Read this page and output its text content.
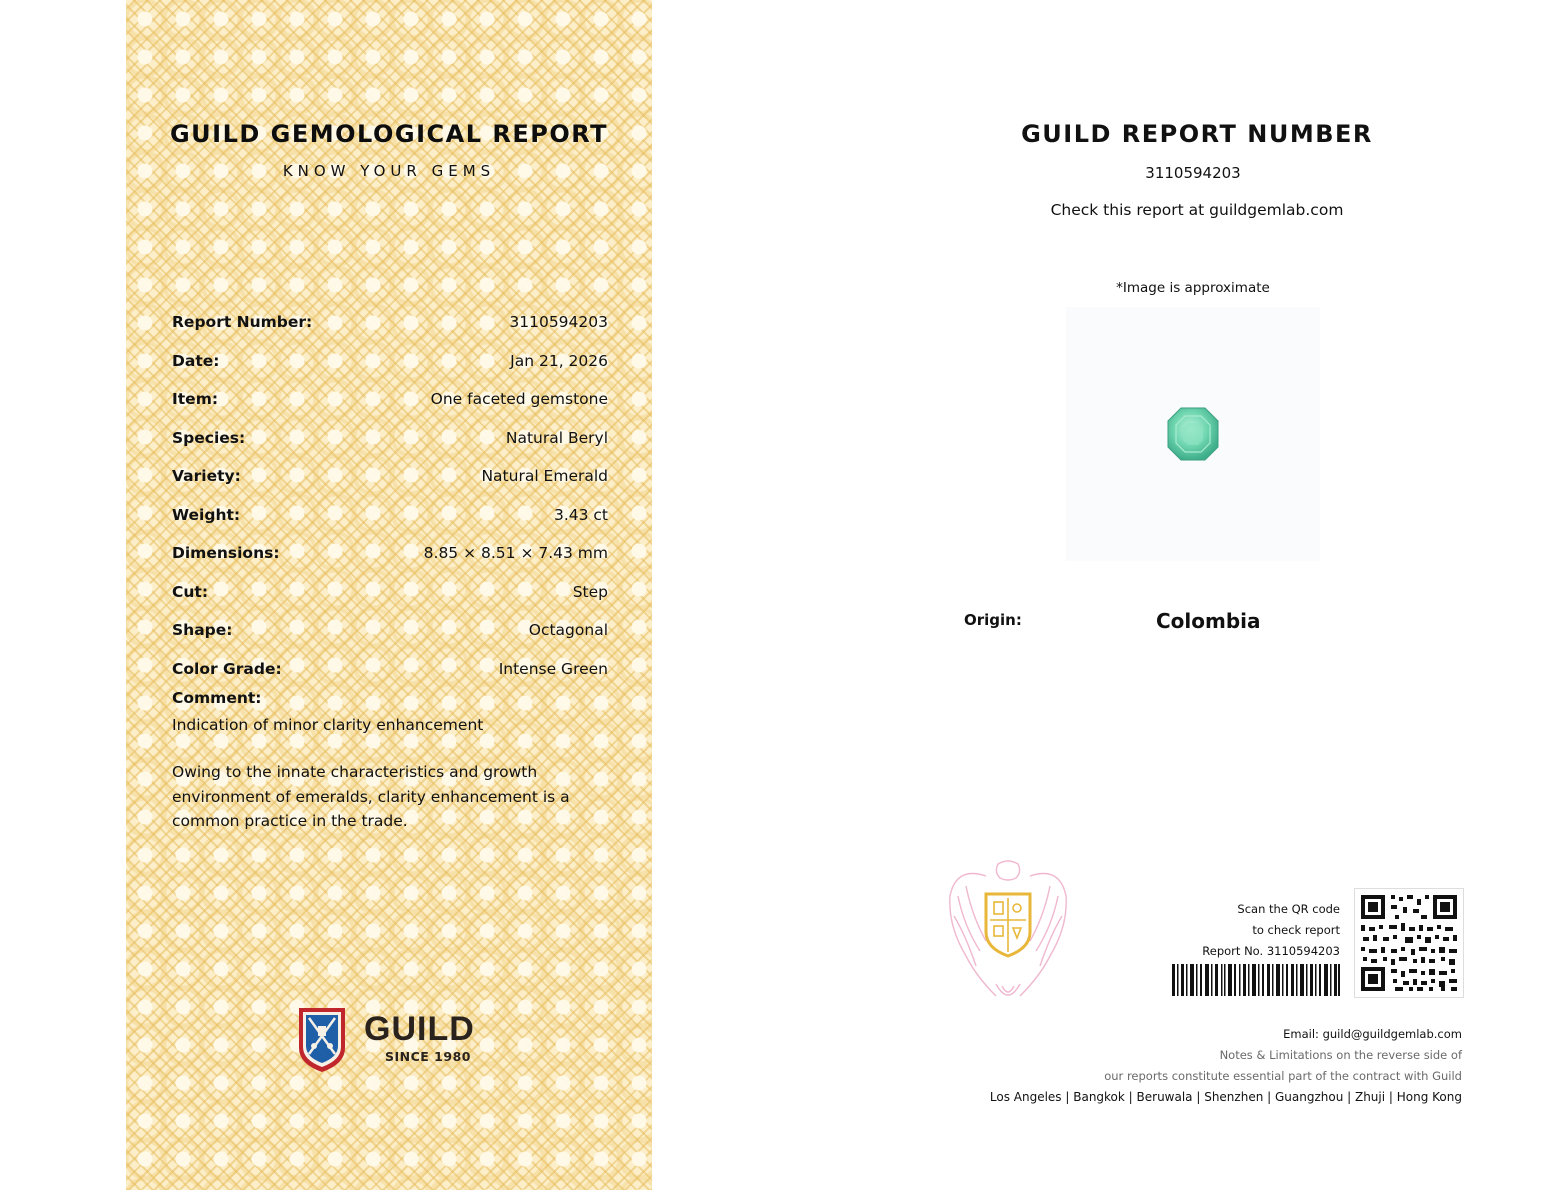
GUILD GEMOLOGICAL REPORT
KNOW YOUR GEMS
Report Number:	3110594203
Date:	Jan 21, 2026
Item:	One faceted gemstone
Species:	Natural Beryl
Variety:	Natural Emerald
Weight:	3.43 ct
Dimensions:	8.85 × 8.51 × 7.43 mm
Cut:	Step
Shape:	Octagonal
Color Grade:	Intense Green
Comment:
Indication of minor clarity enhancement
Owing to the innate characteristics and growth environment of emeralds, clarity enhancement is a common practice in the trade.
GUILD
SINCE 1980
GUILD REPORT NUMBER
3110594203
Check this report at guildgemlab.com
*Image is approximate
Origin:	Colombia
Scan the QR code
to check report
Report No. 3110594203
Email: guild@guildgemlab.com
Notes & Limitations on the reverse side of
our reports constitute essential part of the contract with Guild
Los Angeles | Bangkok | Beruwala | Shenzhen | Guangzhou | Zhuji | Hong Kong
